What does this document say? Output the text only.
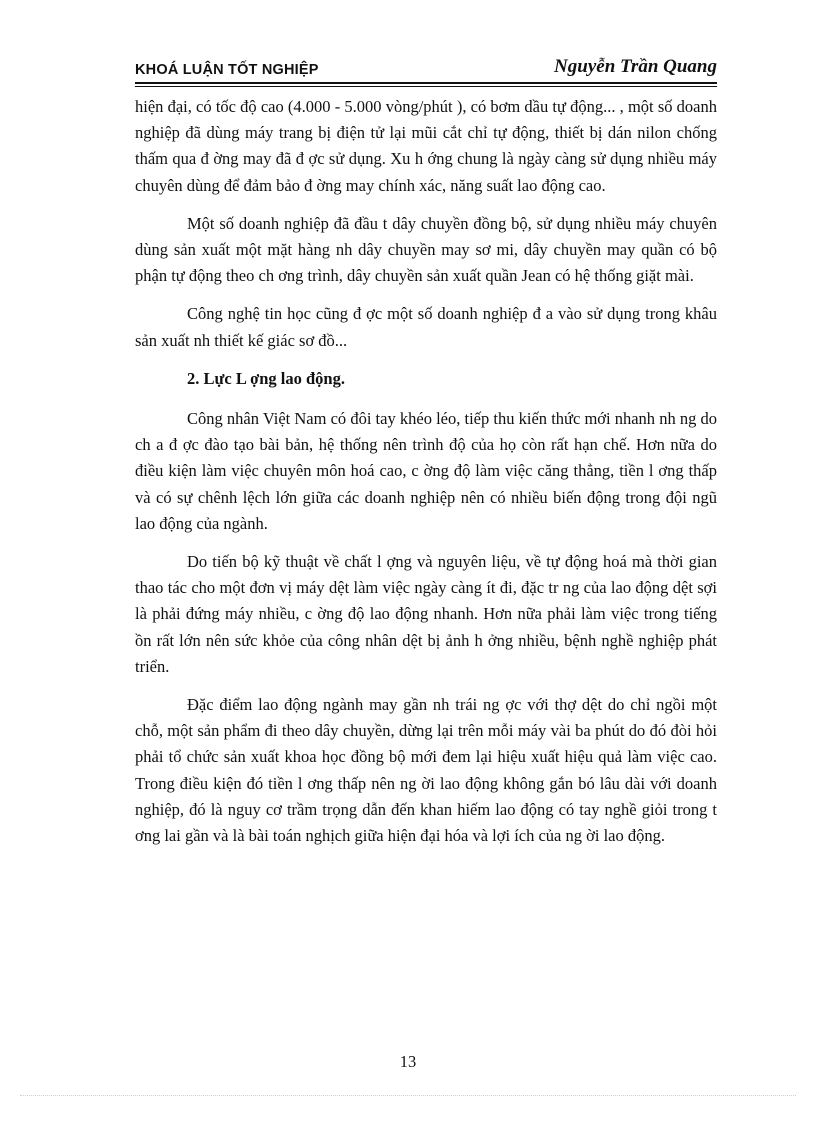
KHOÁ LUẬN TỐT NGHIỆP	Nguyễn Trần Quang

hiện đại, có tốc độ cao (4.000 - 5.000 vòng/phút ), có bơm dầu tự động... , một số doanh nghiệp đã dùng máy trang bị điện tử lại mũi cắt chỉ tự động, thiết bị dán nilon chống thấm qua đ ờng may đã đ ợc sử dụng. Xu h ớng chung là ngày càng sử dụng nhiều máy chuyên dùng để đảm bảo đ ờng may chính xác, năng suất lao động cao.

Một số doanh nghiệp đã đầu t dây chuyền đồng bộ, sử dụng nhiều máy chuyên dùng sản xuất một mặt hàng nh dây chuyền may sơ mi, dây chuyền may quần có bộ phận tự động theo ch ơng trình, dây chuyền sản xuất quần Jean có hệ thống giặt mài.

Công nghệ tin học cũng đ ợc một số doanh nghiệp đ a vào sử dụng trong khâu sản xuất nh thiết kế giác sơ đồ...

2. Lực L ợng lao động.

Công nhân Việt Nam có đôi tay khéo léo, tiếp thu kiến thức mới nhanh nh ng do ch a đ ợc đào tạo bài bản, hệ thống nên trình độ của họ còn rất hạn chế. Hơn nữa do điều kiện làm việc chuyên môn hoá cao, c ờng độ làm việc căng thẳng, tiền l ơng thấp và có sự chênh lệch lớn giữa các doanh nghiệp nên có nhiều biến động trong đội ngũ lao động của ngành.

Do tiến bộ kỹ thuật về chất l ợng và nguyên liệu, về tự động hoá mà thời gian thao tác cho một đơn vị máy dệt làm việc ngày càng ít đi, đặc tr ng của lao động dệt sợi là phải đứng máy nhiều, c ờng độ lao động nhanh. Hơn nữa phải làm việc trong tiếng ồn rất lớn nên sức khỏe của công nhân dệt bị ảnh h ởng nhiều, bệnh nghề nghiệp phát triển.

Đặc điểm lao động ngành may gần nh trái ng ợc với thợ dệt do chỉ ngồi một chỗ, một sản phẩm đi theo dây chuyền, dừng lại trên mỗi máy vài ba phút do đó đòi hỏi phải tổ chức sản xuất khoa học đồng bộ mới đem lại hiệu xuất hiệu quả làm việc cao. Trong điều kiện đó tiền l ơng thấp nên ng ời lao động không gắn bó lâu dài với doanh nghiệp, đó là nguy cơ trầm trọng dẫn đến khan hiếm lao động có tay nghề giỏi trong t ơng lai gần và là bài toán nghịch giữa hiện đại hóa và lợi ích của ng ời lao động.

13
